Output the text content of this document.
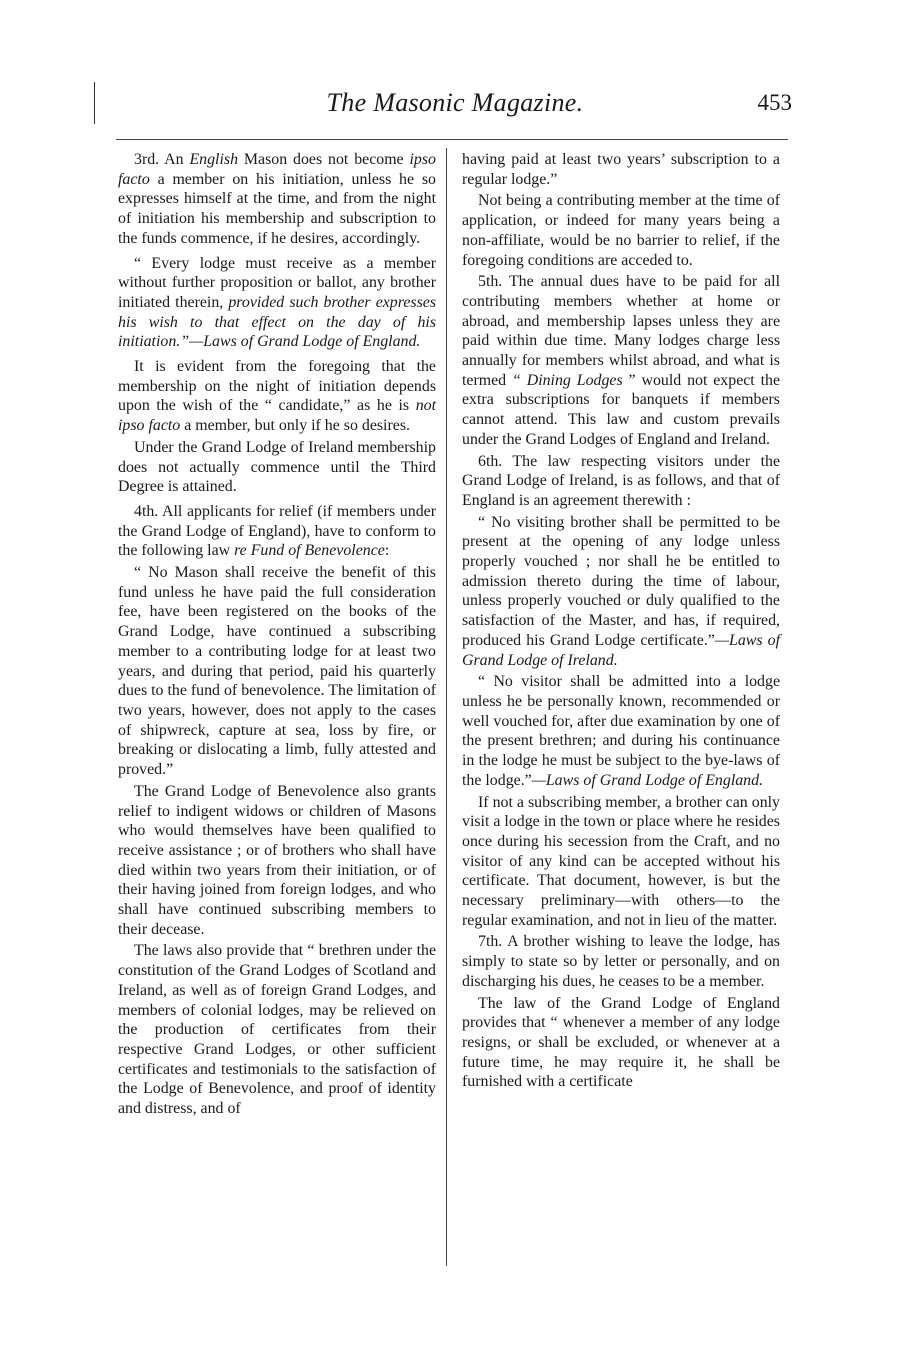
The Masonic Magazine.	453

3rd. An English Mason does not become ipso facto a member on his initiation, unless he so expresses himself at the time, and from the night of initiation his membership and subscription to the funds commence, if he desires, accordingly.

“ Every lodge must receive as a member without further proposition or ballot, any brother initiated therein, provided such brother expresses his wish to that effect on the day of his initiation.”—Laws of Grand Lodge of England.

It is evident from the foregoing that the membership on the night of initiation depends upon the wish of the “ candidate,” as he is not ipso facto a member, but only if he so desires.

Under the Grand Lodge of Ireland membership does not actually commence until the Third Degree is attained.

4th. All applicants for relief (if members under the Grand Lodge of England), have to conform to the following law re Fund of Benevolence:

“ No Mason shall receive the benefit of this fund unless he have paid the full consideration fee, have been registered on the books of the Grand Lodge, have continued a subscribing member to a contributing lodge for at least two years, and during that period, paid his quarterly dues to the fund of benevolence. The limitation of two years, however, does not apply to the cases of shipwreck, capture at sea, loss by fire, or breaking or dislocating a limb, fully attested and proved.”

The Grand Lodge of Benevolence also grants relief to indigent widows or children of Masons who would themselves have been qualified to receive assistance ; or of brothers who shall have died within two years from their initiation, or of their having joined from foreign lodges, and who shall have continued subscribing members to their decease.

The laws also provide that “ brethren under the constitution of the Grand Lodges of Scotland and Ireland, as well as of foreign Grand Lodges, and members of colonial lodges, may be relieved on the production of certificates from their respective Grand Lodges, or other sufficient certificates and testimonials to the satisfaction of the Lodge of Benevolence, and proof of identity and distress, and of

having paid at least two years’ subscription to a regular lodge.”

Not being a contributing member at the time of application, or indeed for many years being a non-affiliate, would be no barrier to relief, if the foregoing conditions are acceded to.

5th. The annual dues have to be paid for all contributing members whether at home or abroad, and membership lapses unless they are paid within due time. Many lodges charge less annually for members whilst abroad, and what is termed “ Dining Lodges ” would not expect the extra subscriptions for banquets if members cannot attend. This law and custom prevails under the Grand Lodges of England and Ireland.

6th. The law respecting visitors under the Grand Lodge of Ireland, is as follows, and that of England is an agreement therewith :

“ No visiting brother shall be permitted to be present at the opening of any lodge unless properly vouched ; nor shall he be entitled to admission thereto during the time of labour, unless properly vouched or duly qualified to the satisfaction of the Master, and has, if required, produced his Grand Lodge certificate.”—Laws of Grand Lodge of Ireland.

“ No visitor shall be admitted into a lodge unless he be personally known, recommended or well vouched for, after due examination by one of the present brethren; and during his continuance in the lodge he must be subject to the bye-laws of the lodge.”—Laws of Grand Lodge of England.

If not a subscribing member, a brother can only visit a lodge in the town or place where he resides once during his secession from the Craft, and no visitor of any kind can be accepted without his certificate. That document, however, is but the necessary preliminary—with others—to the regular examination, and not in lieu of the matter.

7th. A brother wishing to leave the lodge, has simply to state so by letter or personally, and on discharging his dues, he ceases to be a member.

The law of the Grand Lodge of England provides that “ whenever a member of any lodge resigns, or shall be excluded, or whenever at a future time, he may require it, he shall be furnished with a certificate
